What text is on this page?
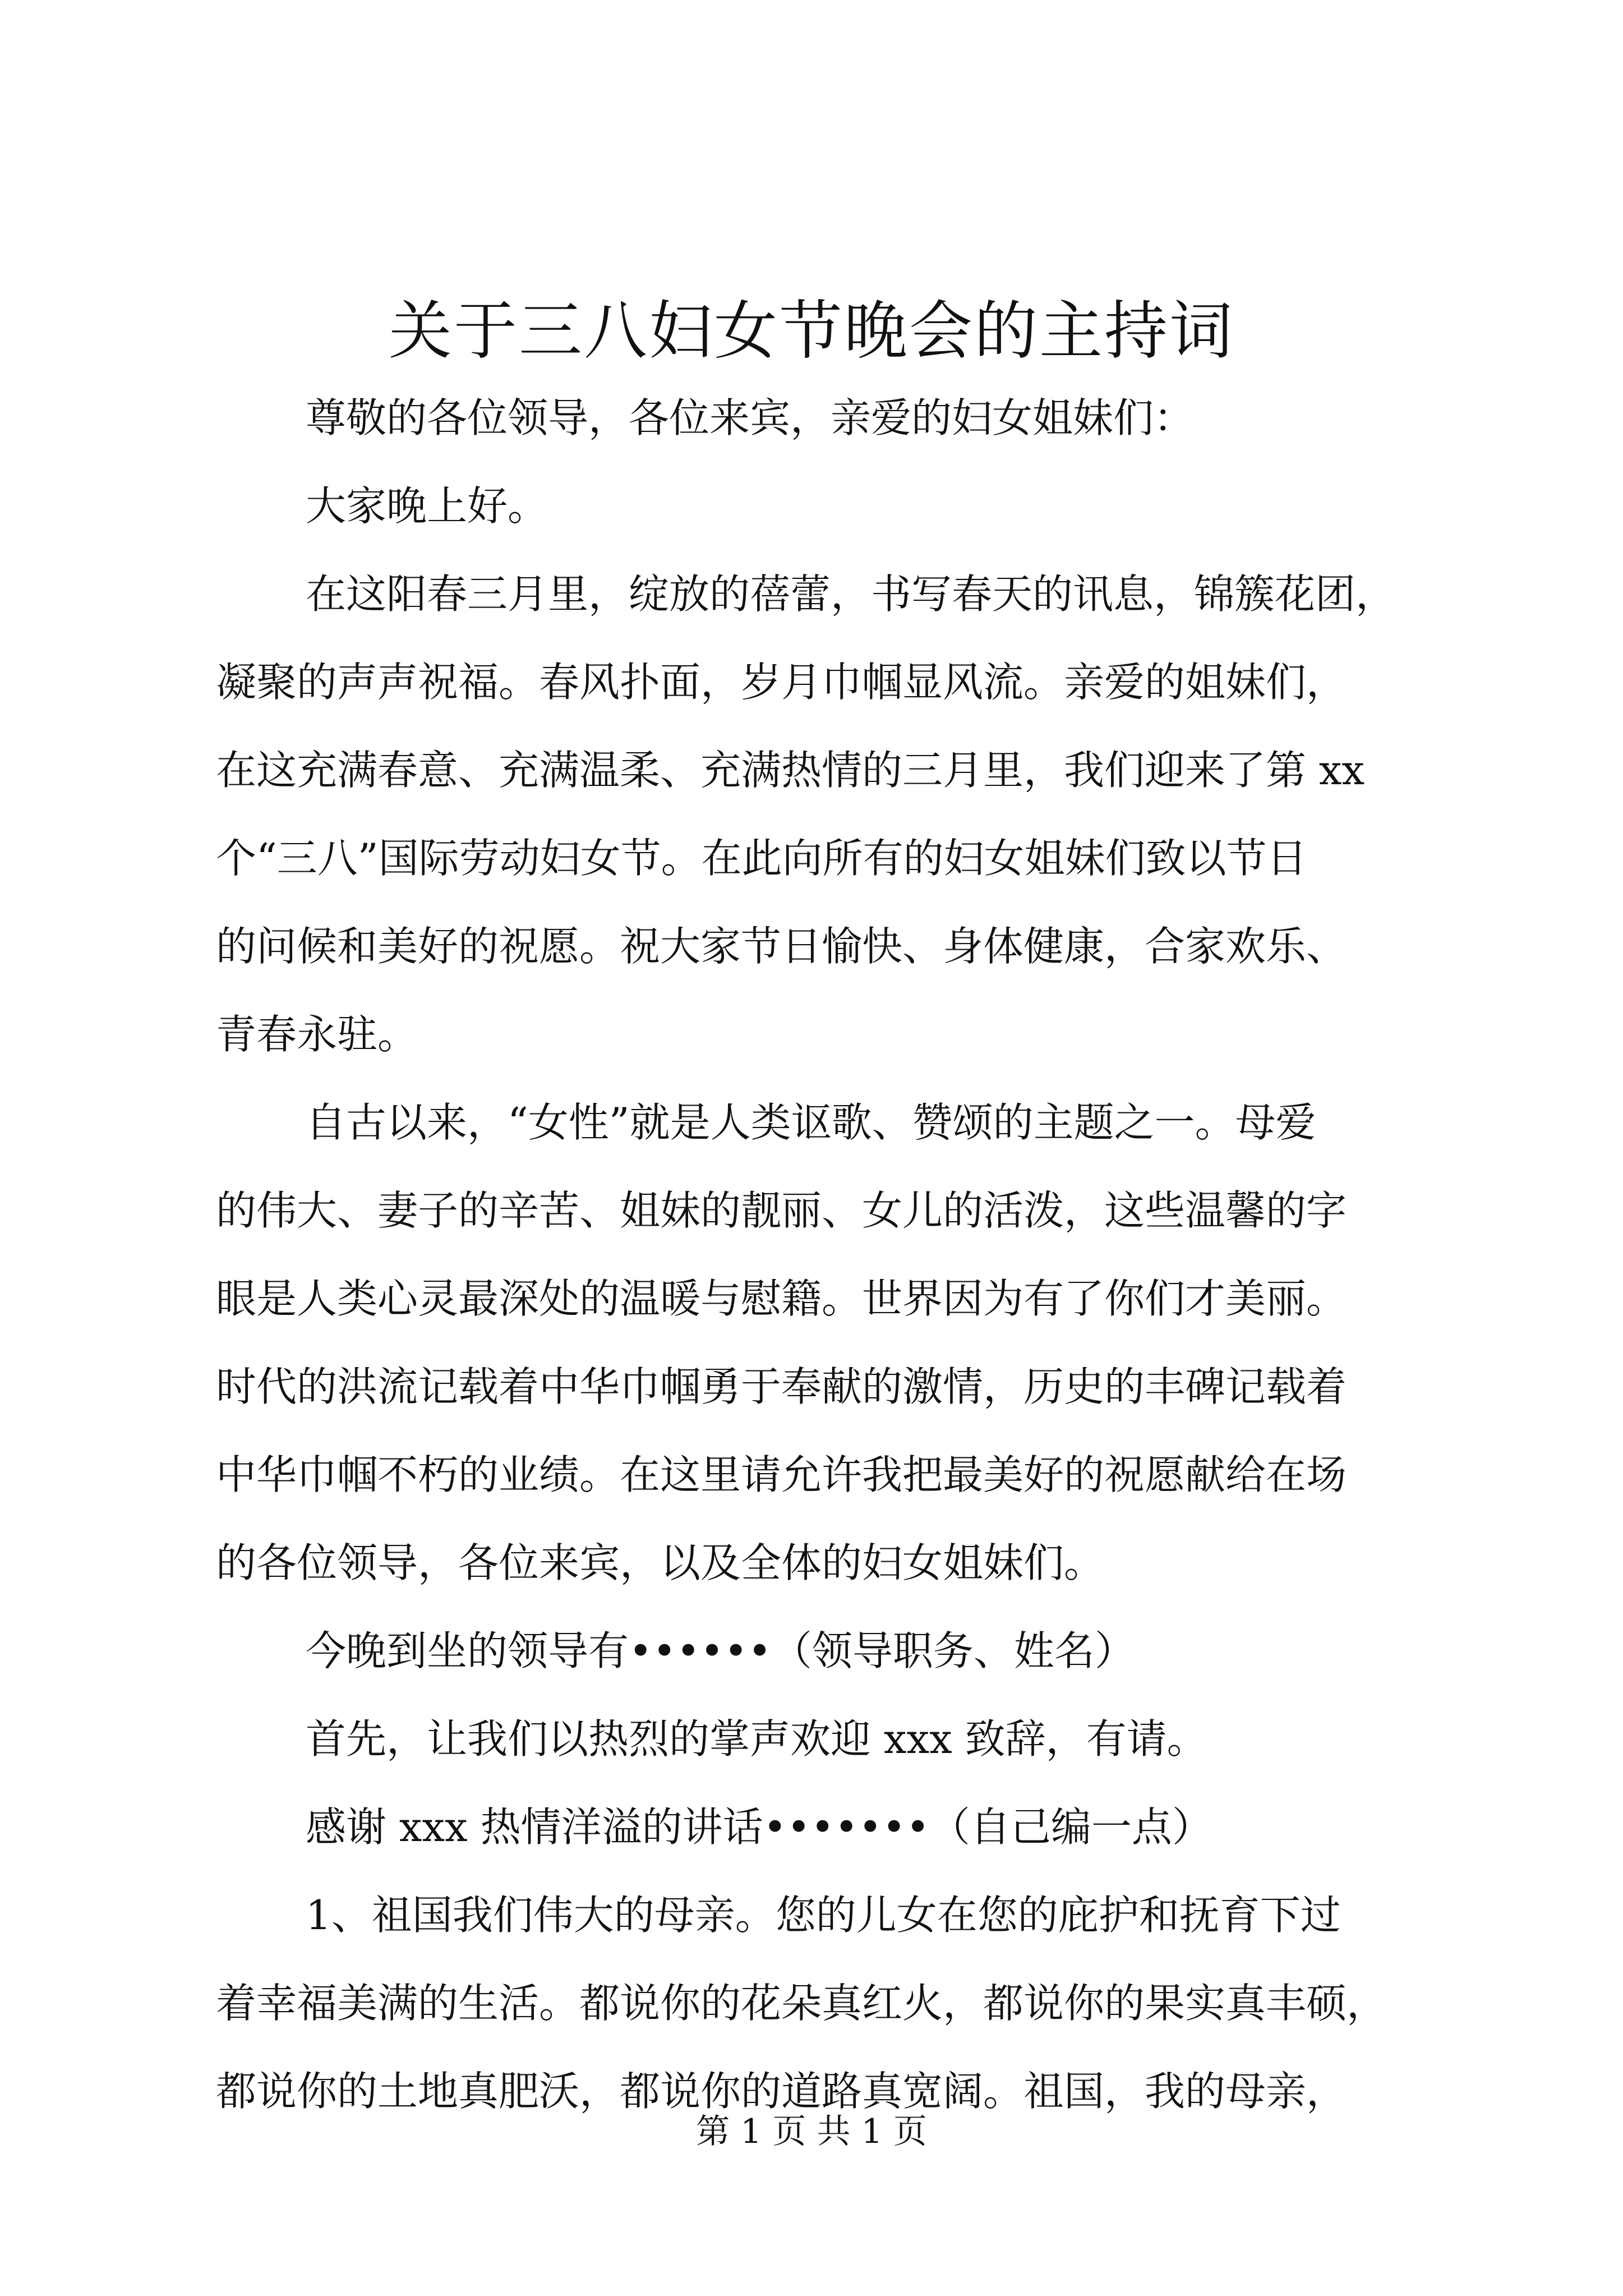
关于三八妇女节晚会的主持词

尊敬的各位领导，各位来宾，亲爱的妇女姐妹们：

大家晚上好。

在这阳春三月里，绽放的蓓蕾，书写春天的讯息，锦簇花团，

凝聚的声声祝福。春风扑面，岁月巾帼显风流。亲爱的姐妹们，

在这充满春意、充满温柔、充满热情的三月里，我们迎来了第 xx

个“三八”国际劳动妇女节。在此向所有的妇女姐妹们致以节日

的问候和美好的祝愿。祝大家节日愉快、身体健康，合家欢乐、

青春永驻。

自古以来，“女性”就是人类讴歌、赞颂的主题之一。母爱

的伟大、妻子的辛苦、姐妹的靓丽、女儿的活泼，这些温馨的字

眼是人类心灵最深处的温暖与慰籍。世界因为有了你们才美丽。

时代的洪流记载着中华巾帼勇于奉献的激情，历史的丰碑记载着

中华巾帼不朽的业绩。在这里请允许我把最美好的祝愿献给在场

的各位领导，各位来宾，以及全体的妇女姐妹们。

今晚到坐的领导有••••••（领导职务、姓名）

首先，让我们以热烈的掌声欢迎 xxx 致辞，有请。

感谢 xxx 热情洋溢的讲话•••••••（自己编一点）

1、祖国我们伟大的母亲。您的儿女在您的庇护和抚育下过

着幸福美满的生活。都说你的花朵真红火，都说你的果实真丰硕，

都说你的土地真肥沃，都说你的道路真宽阔。祖国，我的母亲，

第 1 页 共 1 页
